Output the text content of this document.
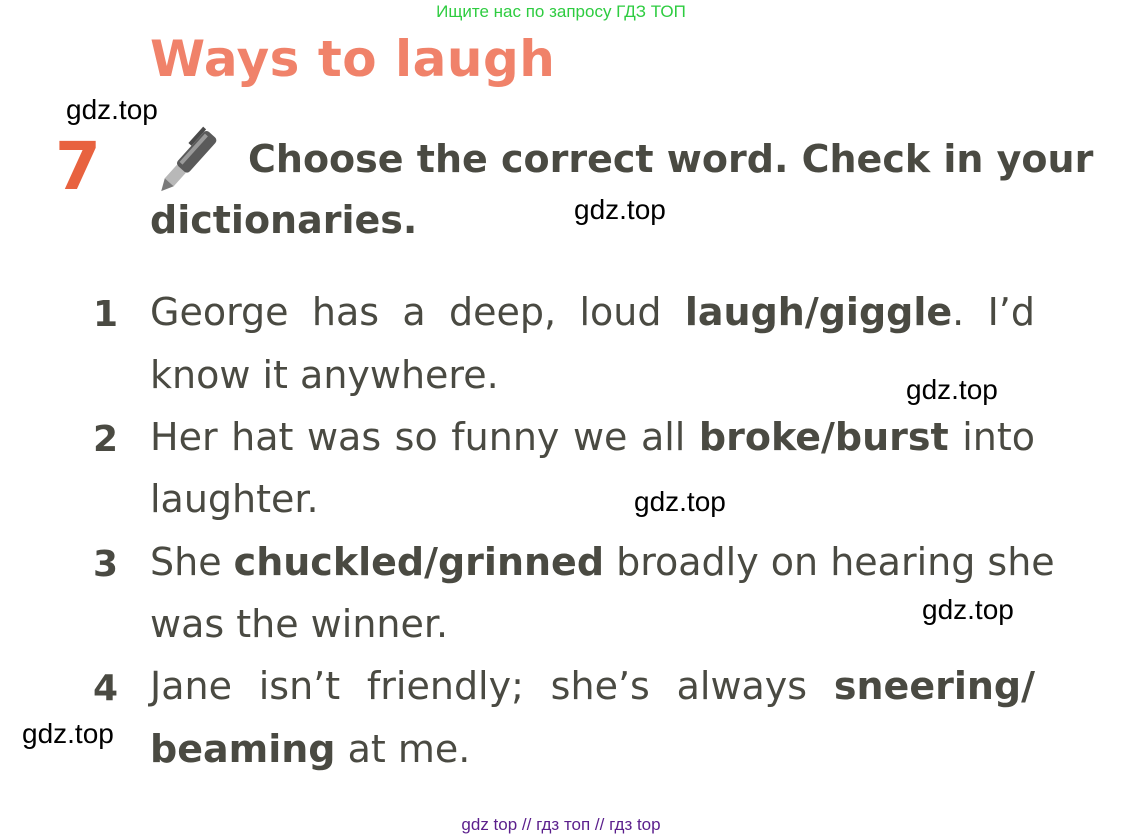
Ищите нас по запросу ГДЗ ТОП
Ways to laugh
7	Choose the correct word. Check in your
dictionaries.
1 George has a deep, loud laugh/giggle. I’d
know it anywhere.
2 Her hat was so funny we all broke/burst into
laughter.
3 She chuckled/grinned broadly on hearing she
was the winner.
4 Jane isn’t friendly; she’s always sneering/
beaming at me.
gdz.top
gdz.top
gdz.top
gdz.top
gdz.top
gdz.top
gdz top // гдз топ // гдз top
